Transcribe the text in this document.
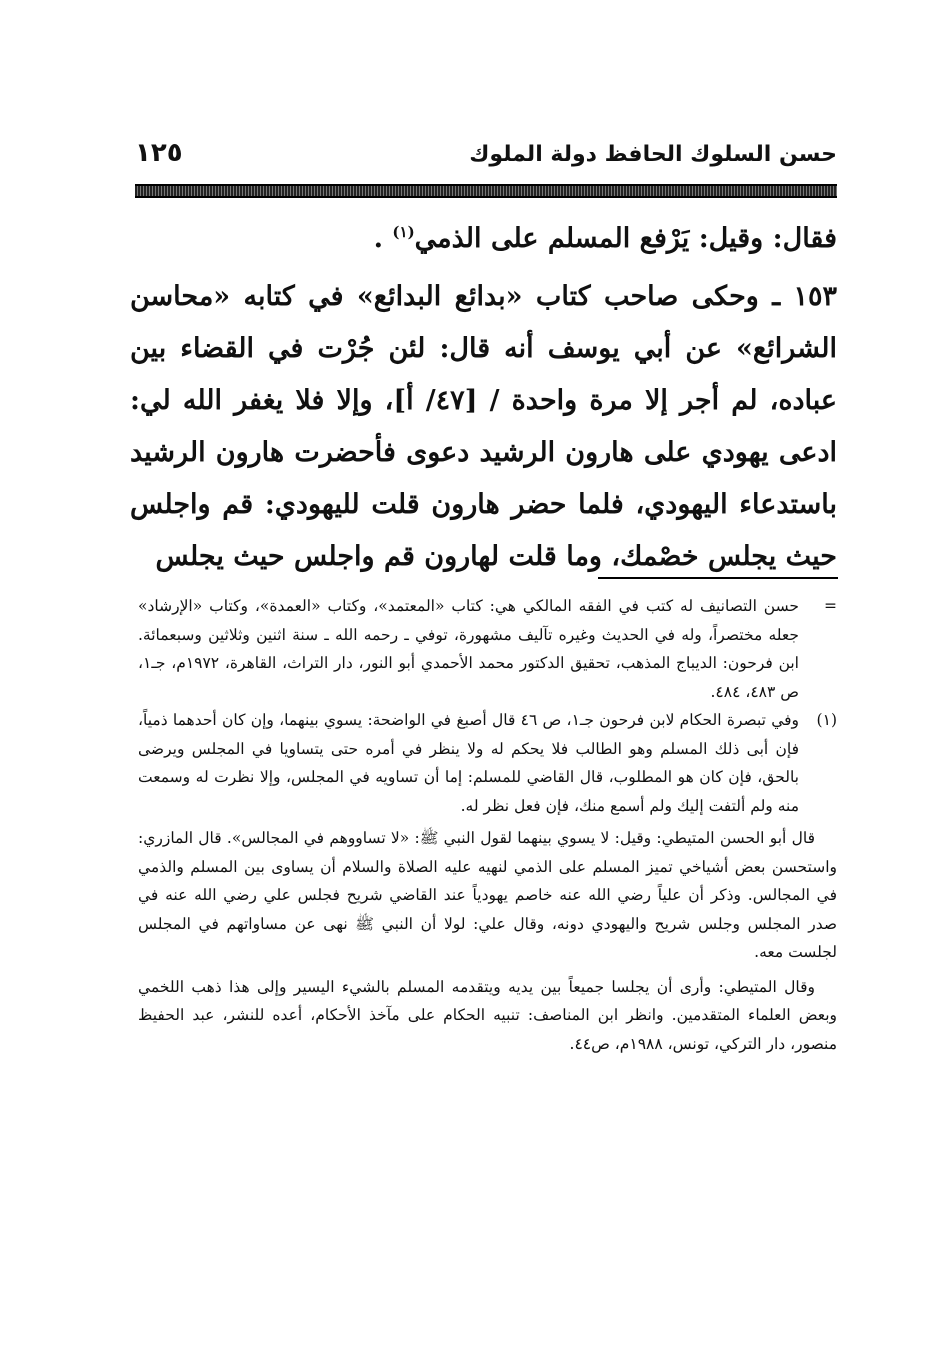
حسن السلوك الحافظ دولة الملوك
١٢٥

فقال: وقيل: يَرْفع المسلم على الذمي$^{(١)}$ .

١٥٣ ـ وحكى صاحب كتاب «بدائع البدائع» في كتابه «محاسن الشرائع» عن أبي يوسف أنه قال: لئن جُرْت في القضاء بين عباده، لم أجر إلا مرة واحدة / [٤٧/ أ]، وإلا فلا يغفر الله لي: ادعى يهودي على هارون الرشيد دعوى فأحضرت هارون الرشيد باستدعاء اليهودي، فلما حضر هارون قلت لليهودي: قم واجلس حيث يجلس خصْمك، وما قلت لهارون قم واجلس حيث يجلس

=
حسن التصانيف له كتب في الفقه المالكي هي: كتاب «المعتمد»، وكتاب «العمدة»، وكتاب «الإرشاد» جعله مختصراً، وله في الحديث وغيره تآليف مشهورة، توفي ـ رحمه الله ـ سنة اثنين وثلاثين وسبعمائة. ابن فرحون: الديباج المذهب، تحقيق الدكتور محمد الأحمدي أبو النور، دار التراث، القاهرة، ١٩٧٢م، جـ١، ص ٤٨٣، ٤٨٤.

(١)
وفي تبصرة الحكام لابن فرحون جـ١، ص ٤٦ قال أصبغ في الواضحة: يسوي بينهما، وإن كان أحدهما ذمياً، فإن أبى ذلك المسلم وهو الطالب فلا يحكم له ولا ينظر في أمره حتى يتساويا في المجلس ويرضى بالحق، فإن كان هو المطلوب، قال القاضي للمسلم: إما أن تساويه في المجلس، وإلا نظرت له وسمعت منه ولم ألتفت إليك ولم أسمع منك، فإن فعل نظر له.

قال أبو الحسن المتيطي: وقيل: لا يسوي بينهما لقول النبي ﷺ: «لا تساووهم في المجالس». قال المازري: واستحسن بعض أشياخي تميز المسلم على الذمي لنهيه عليه الصلاة والسلام أن يساوى بين المسلم والذمي في المجالس. وذكر أن علياً رضي الله عنه خاصم يهودياً عند القاضي شريح فجلس علي رضي الله عنه في صدر المجلس وجلس شريح واليهودي دونه، وقال علي: لولا أن النبي ﷺ نهى عن مساواتهم في المجلس لجلست معه.

وقال المتيطي: وأرى أن يجلسا جميعاً بين يديه ويتقدمه المسلم بالشيء اليسير وإلى هذا ذهب اللخمي وبعض العلماء المتقدمين. وانظر ابن المناصف: تنبيه الحكام على مآخذ الأحكام، أعده للنشر، عبد الحفيظ منصور، دار التركي، تونس، ١٩٨٨م، ص٤٤.
